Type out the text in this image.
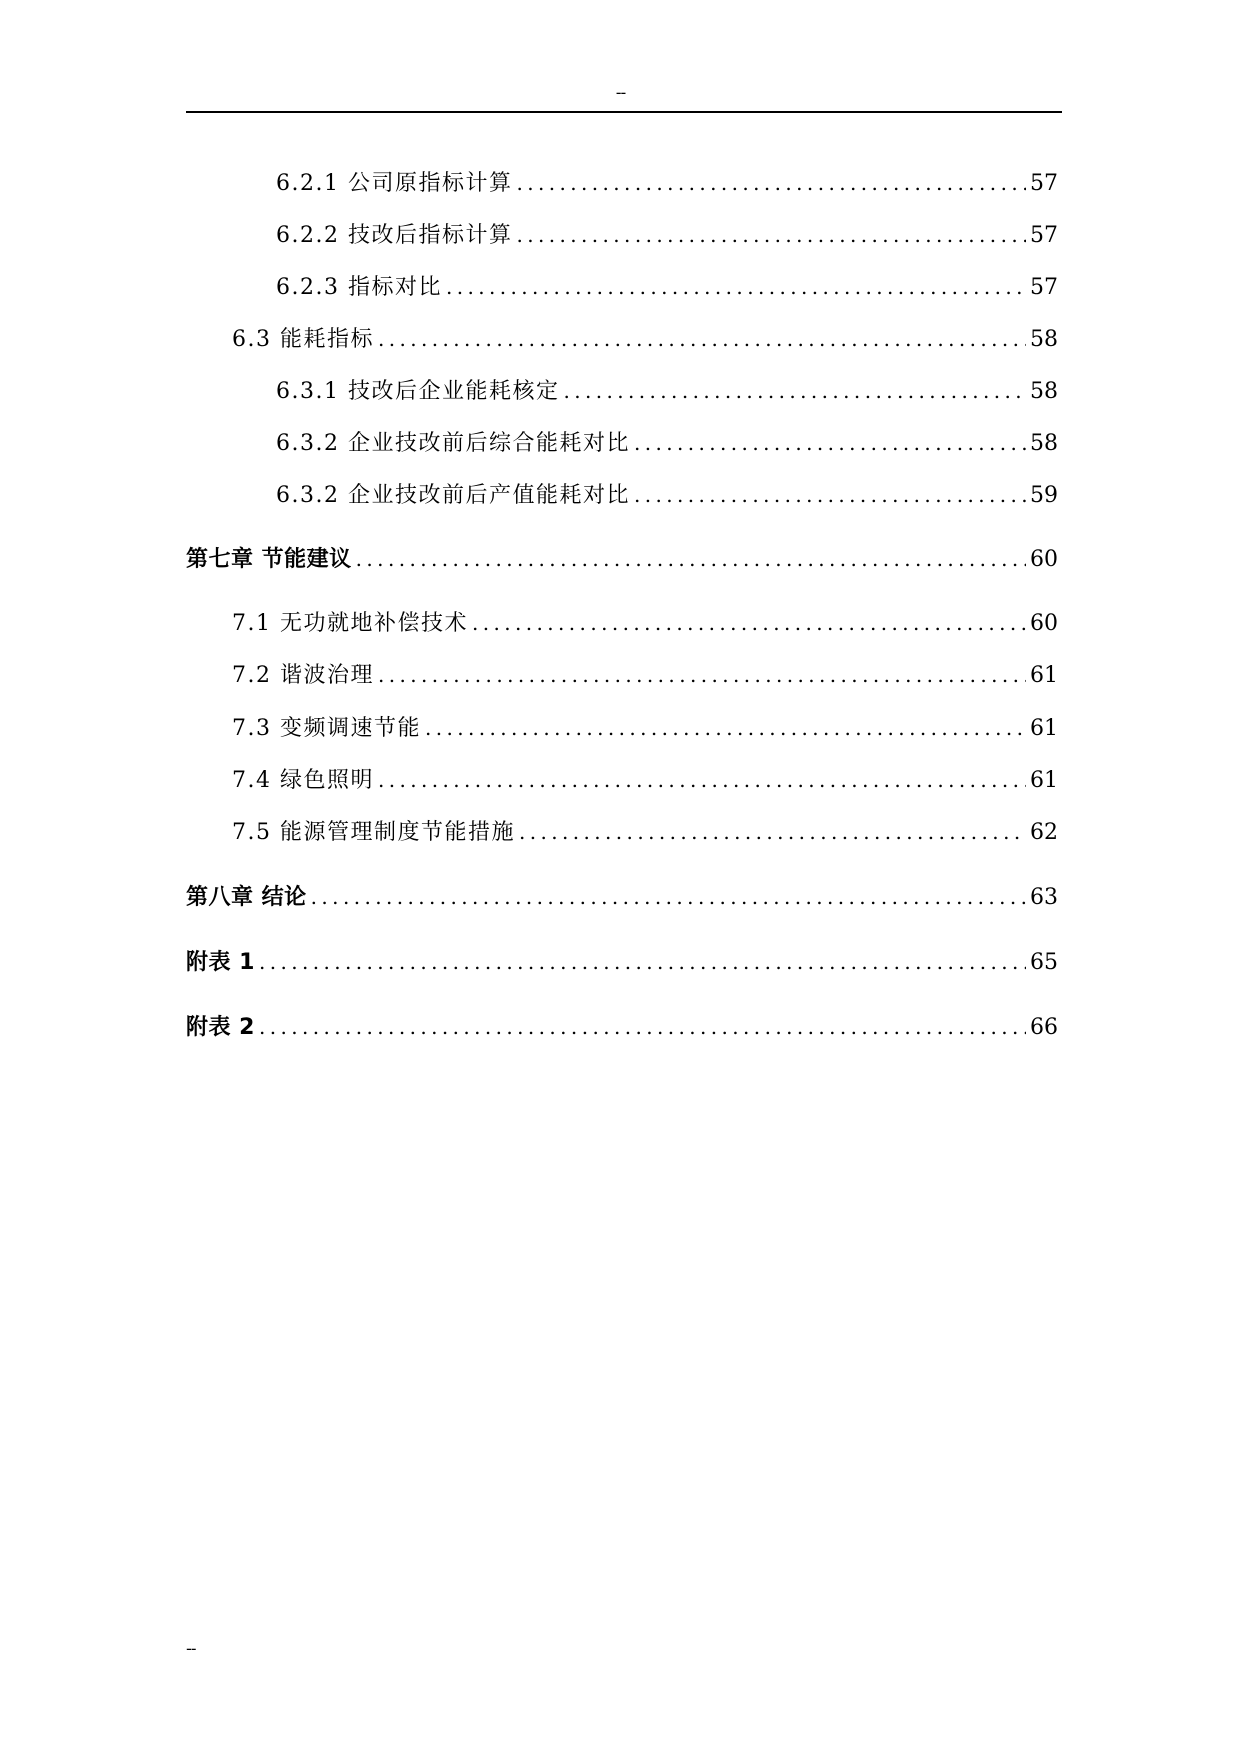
--
6.2.1 公司原指标计算 .....	57
6.2.2 技改后指标计算 .....	57
6.2.3 指标对比 .....	57
6.3 能耗指标 .....	58
6.3.1 技改后企业能耗核定 .....	58
6.3.2 企业技改前后综合能耗对比 .....	58
6.3.2 企业技改前后产值能耗对比 .....	59
第七章 节能建议 .....	60
7.1 无功就地补偿技术 .....	60
7.2 谐波治理 .....	61
7.3 变频调速节能 .....	61
7.4 绿色照明 .....	61
7.5 能源管理制度节能措施 .....	62
第八章 结论 .....	63
附表 1 .....	65
附表 2 .....	66
--
